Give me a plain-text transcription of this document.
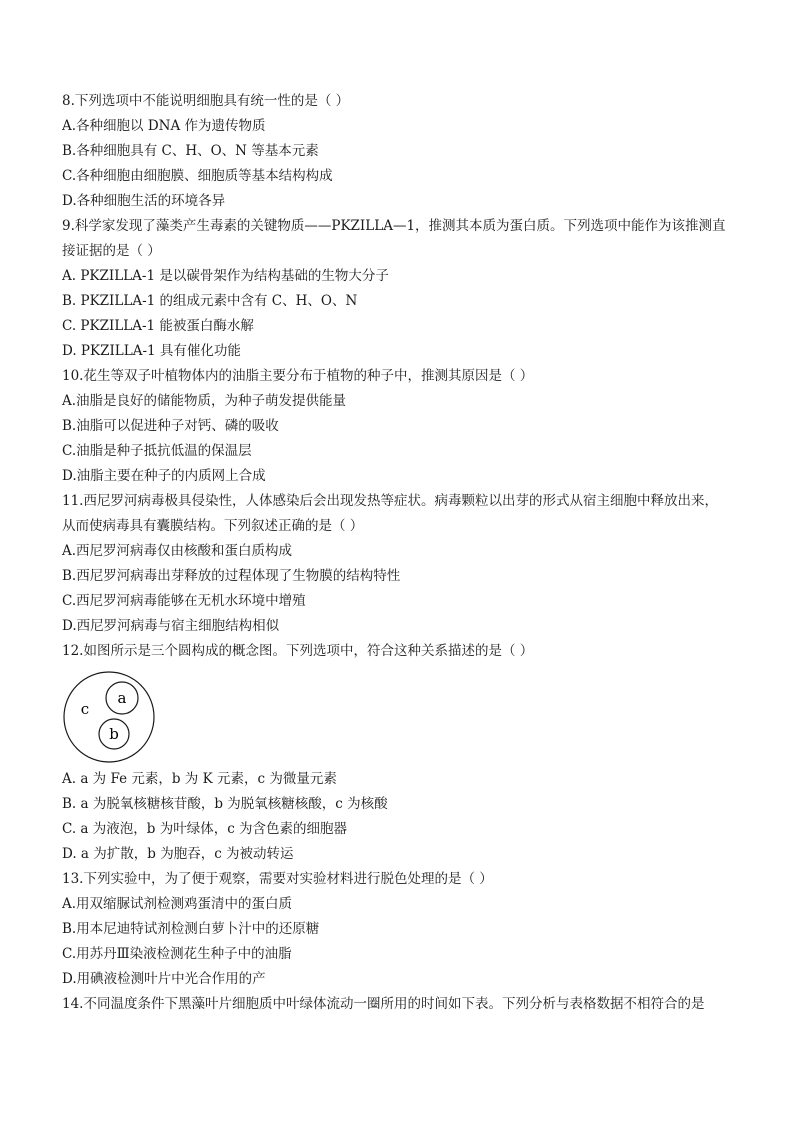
8.下列选项中不能说明细胞具有统一性的是（ ）
A.各种细胞以 DNA 作为遗传物质
B.各种细胞具有 C、H、O、N 等基本元素
C.各种细胞由细胞膜、细胞质等基本结构构成
D.各种细胞生活的环境各异
9.科学家发现了藻类产生毒素的关键物质——PKZILLA—1，推测其本质为蛋白质。下列选项中能作为该推测直
接证据的是（ ）
A. PKZILLA-1 是以碳骨架作为结构基础的生物大分子
B. PKZILLA-1 的组成元素中含有 C、H、O、N
C. PKZILLA-1 能被蛋白酶水解
D. PKZILLA-1 具有催化功能
10.花生等双子叶植物体内的油脂主要分布于植物的种子中，推测其原因是（ ）
A.油脂是良好的储能物质，为种子萌发提供能量
B.油脂可以促进种子对钙、磷的吸收
C.油脂是种子抵抗低温的保温层
D.油脂主要在种子的内质网上合成
11.西尼罗河病毒极具侵染性，人体感染后会出现发热等症状。病毒颗粒以出芽的形式从宿主细胞中释放出来，
从而使病毒具有囊膜结构。下列叙述正确的是（ ）
A.西尼罗河病毒仅由核酸和蛋白质构成
B.西尼罗河病毒出芽释放的过程体现了生物膜的结构特性
C.西尼罗河病毒能够在无机水环境中增殖
D.西尼罗河病毒与宿主细胞结构相似
12.如图所示是三个圆构成的概念图。下列选项中，符合这种关系描述的是（ ）
c
a
b
A. a 为 Fe 元素，b 为 K 元素，c 为微量元素
B. a 为脱氧核糖核苷酸，b 为脱氧核糖核酸，c 为核酸
C. a 为液泡，b 为叶绿体，c 为含色素的细胞器
D. a 为扩散，b 为胞吞，c 为被动转运
13.下列实验中，为了便于观察，需要对实验材料进行脱色处理的是（ ）
A.用双缩脲试剂检测鸡蛋清中的蛋白质
B.用本尼迪特试剂检测白萝卜汁中的还原糖
C.用苏丹Ⅲ染液检测花生种子中的油脂
D.用碘液检测叶片中光合作用的产
14.不同温度条件下黑藻叶片细胞质中叶绿体流动一圈所用的时间如下表。下列分析与表格数据不相符合的是
